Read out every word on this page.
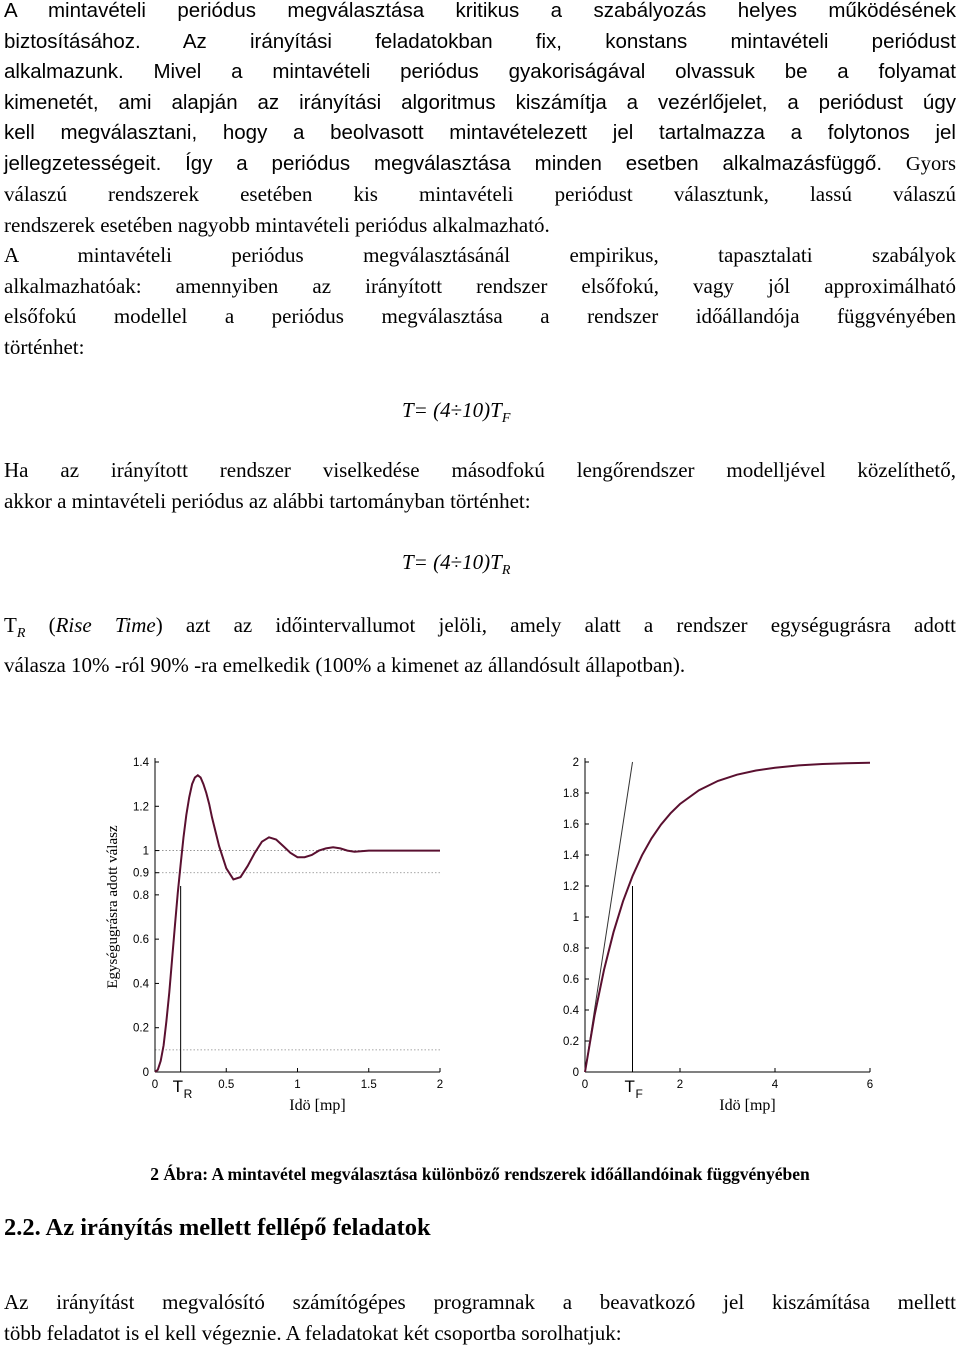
A mintavételi periódus megválasztása kritikus a szabályozás helyes működésének
biztosításához. Az irányítási feladatokban fix, konstans mintavételi periódust
alkalmazunk. Mivel a mintavételi periódus gyakoriságával olvassuk be a folyamat
kimenetét, ami alapján az irányítási algoritmus kiszámítja a vezérlőjelet, a periódust úgy
kell megválasztani, hogy a beolvasott mintavételezett jel tartalmazza a folytonos jel
jellegzetességeit. Így a periódus megválasztása minden esetben alkalmazásfüggő. Gyors
válaszú rendszerek esetében kis mintavételi periódust választunk, lassú válaszú
rendszerek esetében nagyobb mintavételi periódus alkalmazható.
A mintavételi periódus megválasztásánál empirikus, tapasztalati szabályok
alkalmazhatóak: amennyiben az irányított rendszer elsőfokú, vagy jól approximálható
elsőfokú modellel a periódus megválasztása a rendszer időállandója függvényében
történhet:
$T= (4\div 10)T_F$
Ha az irányított rendszer viselkedése másodfokú lengőrendszer modelljével közelíthető,
akkor a mintavételi periódus az alábbi tartományban történhet:
$T= (4\div 10)T_R$
$T_R$ (Rise Time) azt az időintervallumot jelöli, amely alatt a rendszer egységugrásra adott
válasza 10% -ról 90% -ra emelkedik (100% a kimenet az állandósult állapotban).
0
0.2
0.4
0.6
0.8
0.9
1
1.2
1.4
0	0.5	1	1.5	2
T R
Idö [mp]
Egységugrásra adott válasz
0
0.2
0.4
0.6
0.8
1
1.2
1.4
1.6
1.8
2
0	2	4	6
T F
Idö [mp]
2 Ábra: A mintavétel megválasztása különböző rendszerek időállandóinak függvényében
2.2. Az irányítás mellett fellépő feladatok
Az irányítást megvalósító számítógépes programnak a beavatkozó jel kiszámítása mellett
több feladatot is el kell végeznie. A feladatokat két csoportba sorolhatjuk:
